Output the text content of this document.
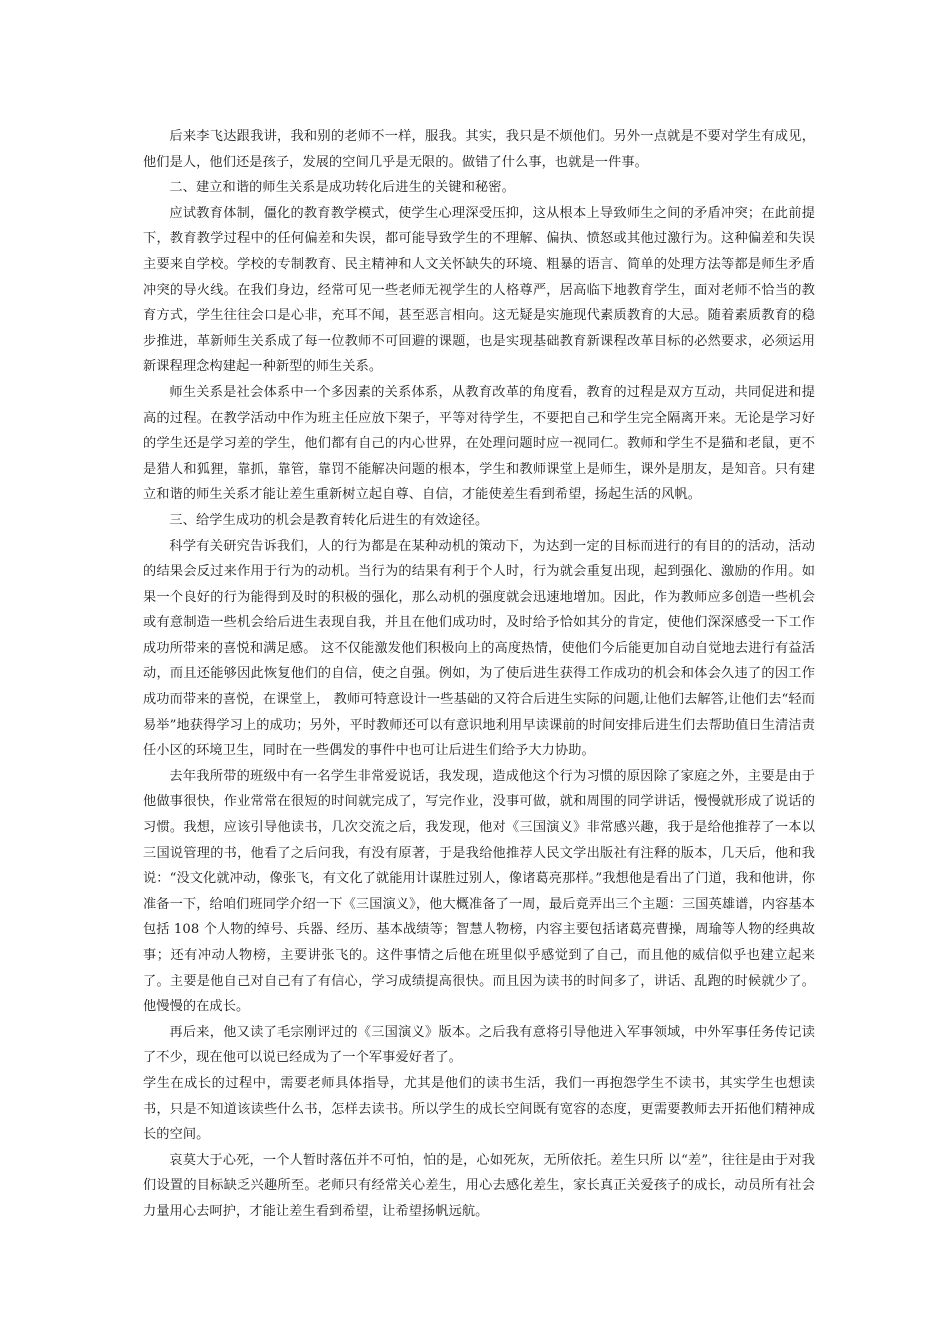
后来李飞达跟我讲，我和别的老师不一样，服我。其实，我只是不烦他们。另外一点就是不要对学生有成见，他们是人，他们还是孩子，发展的空间几乎是无限的。做错了什么事，也就是一件事。

二、建立和谐的师生关系是成功转化后进生的关键和秘密。

应试教育体制，僵化的教育教学模式，使学生心理深受压抑，这从根本上导致师生之间的矛盾冲突；在此前提下，教育教学过程中的任何偏差和失误，都可能导致学生的不理解、偏执、愤怒或其他过激行为。这种偏差和失误主要来自学校。学校的专制教育、民主精神和人文关怀缺失的环境、粗暴的语言、简单的处理方法等都是师生矛盾冲突的导火线。在我们身边，经常可见一些老师无视学生的人格尊严，居高临下地教育学生，面对老师不恰当的教育方式，学生往往会口是心非，充耳不闻，甚至恶言相向。这无疑是实施现代素质教育的大忌。随着素质教育的稳步推进，革新师生关系成了每一位教师不可回避的课题，也是实现基础教育新课程改革目标的必然要求，必须运用新课程理念构建起一种新型的师生关系。

师生关系是社会体系中一个多因素的关系体系，从教育改革的角度看，教育的过程是双方互动，共同促进和提高的过程。在教学活动中作为班主任应放下架子，平等对待学生，不要把自己和学生完全隔离开来。无论是学习好的学生还是学习差的学生，他们都有自己的内心世界，在处理问题时应一视同仁。教师和学生不是猫和老鼠，更不是猎人和狐狸，靠抓，靠管，靠罚不能解决问题的根本，学生和教师课堂上是师生，课外是朋友，是知音。只有建立和谐的师生关系才能让差生重新树立起自尊、自信，才能使差生看到希望，扬起生活的风帆。

三、给学生成功的机会是教育转化后进生的有效途径。

科学有关研究告诉我们，人的行为都是在某种动机的策动下，为达到一定的目标而进行的有目的的活动，活动的结果会反过来作用于行为的动机。当行为的结果有利于个人时，行为就会重复出现，起到强化、激励的作用。如果一个良好的行为能得到及时的积极的强化，那么动机的强度就会迅速地增加。因此，作为教师应多创造一些机会或有意制造一些机会给后进生表现自我，并且在他们成功时，及时给予恰如其分的肯定，使他们深深感受一下工作成功所带来的喜悦和满足感。 这不仅能激发他们积极向上的高度热情，使他们今后能更加自动自觉地去进行有益活动，而且还能够因此恢复他们的自信，使之自强。例如，为了使后进生获得工作成功的机会和体会久违了的因工作成功而带来的喜悦，在课堂上， 教师可特意设计一些基础的又符合后进生实际的问题,让他们去解答,让他们去“轻而易举”地获得学习上的成功；另外，平时教师还可以有意识地利用早读课前的时间安排后进生们去帮助值日生清洁责任小区的环境卫生，同时在一些偶发的事件中也可让后进生们给予大力协助。

去年我所带的班级中有一名学生非常爱说话，我发现，造成他这个行为习惯的原因除了家庭之外，主要是由于他做事很快，作业常常在很短的时间就完成了，写完作业，没事可做，就和周围的同学讲话，慢慢就形成了说话的习惯。我想，应该引导他读书，几次交流之后，我发现，他对《三国演义》非常感兴趣，我于是给他推荐了一本以三国说管理的书，他看了之后问我，有没有原著，于是我给他推荐人民文学出版社有注释的版本，几天后，他和我说：“没文化就冲动，像张飞，有文化了就能用计谋胜过别人，像诸葛亮那样。”我想他是看出了门道，我和他讲，你准备一下，给咱们班同学介绍一下《三国演义》，他大概准备了一周，最后竟弄出三个主题：三国英雄谱，内容基本包括 108 个人物的绰号、兵器、经历、基本战绩等；智慧人物榜，内容主要包括诸葛亮曹操，周瑜等人物的经典故事；还有冲动人物榜，主要讲张飞的。这件事情之后他在班里似乎感觉到了自己，而且他的威信似乎也建立起来了。主要是他自己对自己有了有信心，学习成绩提高很快。而且因为读书的时间多了，讲话、乱跑的时候就少了。他慢慢的在成长。

再后来，他又读了毛宗刚评过的《三国演义》版本。之后我有意将引导他进入军事领域，中外军事任务传记读了不少，现在他可以说已经成为了一个军事爱好者了。

学生在成长的过程中，需要老师具体指导，尤其是他们的读书生活，我们一再抱怨学生不读书，其实学生也想读书，只是不知道该读些什么书，怎样去读书。所以学生的成长空间既有宽容的态度，更需要教师去开拓他们精神成长的空间。

哀莫大于心死，一个人暂时落伍并不可怕，怕的是，心如死灰，无所依托。差生只所 以“差”，往往是由于对我们设置的目标缺乏兴趣所至。老师只有经常关心差生，用心去感化差生，家长真正关爱孩子的成长，动员所有社会力量用心去呵护，才能让差生看到希望，让希望扬帆远航。
